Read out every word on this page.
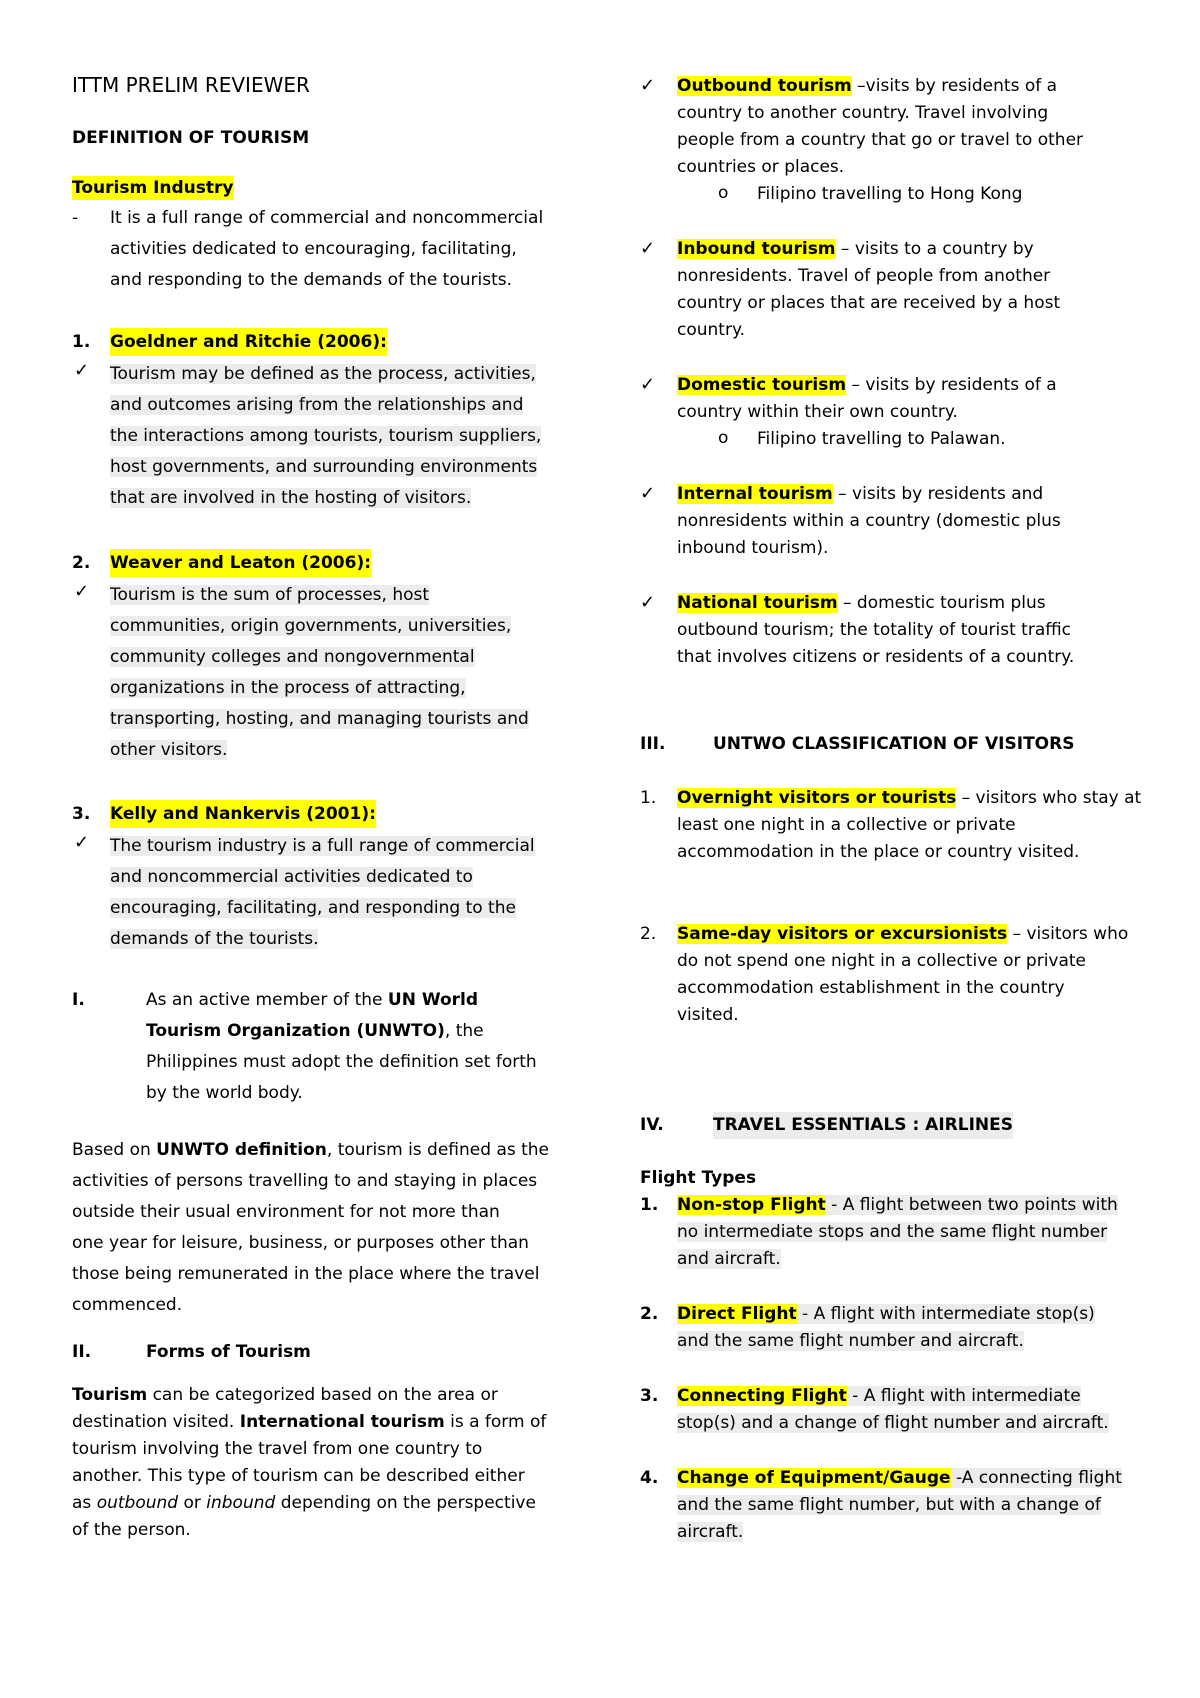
ITTM PRELIM REVIEWER
DEFINITION OF TOURISM
Tourism Industry
- It is a full range of commercial and noncommercial
activities dedicated to encouraging, facilitating,
and responding to the demands of the tourists.
1. Goeldner and Ritchie (2006):
✓ Tourism may be defined as the process, activities,
and outcomes arising from the relationships and
the interactions among tourists, tourism suppliers,
host governments, and surrounding environments
that are involved in the hosting of visitors.
2. Weaver and Leaton (2006):
✓ Tourism is the sum of processes, host
communities, origin governments, universities,
community colleges and nongovernmental
organizations in the process of attracting,
transporting, hosting, and managing tourists and
other visitors.
3. Kelly and Nankervis (2001):
✓ The tourism industry is a full range of commercial
and noncommercial activities dedicated to
encouraging, facilitating, and responding to the
demands of the tourists.
I.	As an active member of the UN World
Tourism Organization (UNWTO), the
Philippines must adopt the definition set forth
by the world body.
Based on UNWTO definition, tourism is defined as the
activities of persons travelling to and staying in places
outside their usual environment for not more than
one year for leisure, business, or purposes other than
those being remunerated in the place where the travel
commenced.
II.	Forms of Tourism
Tourism can be categorized based on the area or
destination visited. International tourism is a form of
tourism involving the travel from one country to
another. This type of tourism can be described either
as outbound or inbound depending on the perspective
of the person.
✓ Outbound tourism –visits by residents of a
country to another country. Travel involving
people from a country that go or travel to other
countries or places.
o Filipino travelling to Hong Kong
✓ Inbound tourism – visits to a country by
nonresidents. Travel of people from another
country or places that are received by a host
country.
✓ Domestic tourism – visits by residents of a
country within their own country.
o Filipino travelling to Palawan.
✓ Internal tourism – visits by residents and
nonresidents within a country (domestic plus
inbound tourism).
✓ National tourism – domestic tourism plus
outbound tourism; the totality of tourist traffic
that involves citizens or residents of a country.
III.	UNTWO CLASSIFICATION OF VISITORS
1. Overnight visitors or tourists – visitors who stay at
least one night in a collective or private
accommodation in the place or country visited.
2. Same-day visitors or excursionists – visitors who
do not spend one night in a collective or private
accommodation establishment in the country
visited.
IV.	TRAVEL ESSENTIALS : AIRLINES
Flight Types
1. Non-stop Flight - A flight between two points with
no intermediate stops and the same flight number
and aircraft.
2. Direct Flight - A flight with intermediate stop(s)
and the same flight number and aircraft.
3. Connecting Flight - A flight with intermediate
stop(s) and a change of flight number and aircraft.
4. Change of Equipment/Gauge -A connecting flight
and the same flight number, but with a change of
aircraft.
